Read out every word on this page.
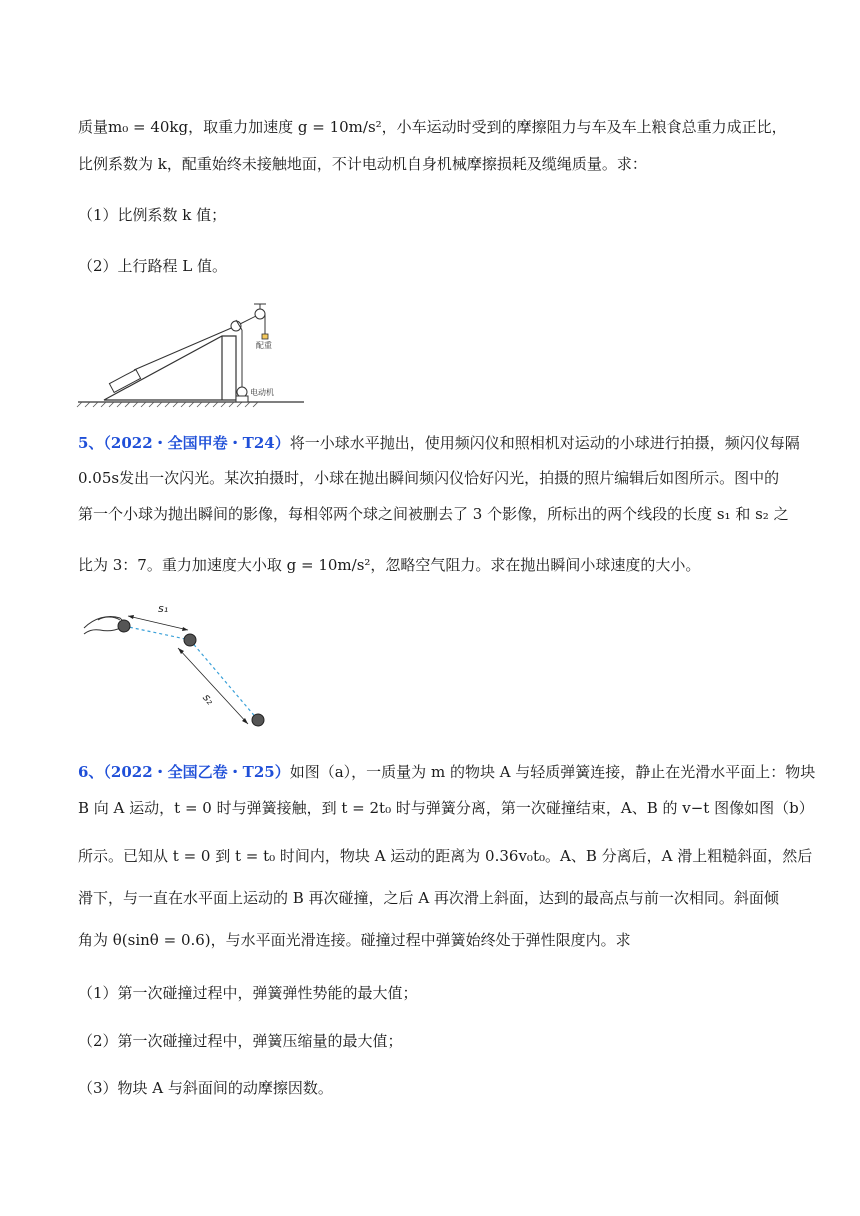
质量m₀ = 40kg，取重力加速度 g = 10m/s²，小车运动时受到的摩擦阻力与车及车上粮食总重力成正比，
比例系数为 k，配重始终未接触地面，不计电动机自身机械摩擦损耗及缆绳质量。求：
（1）比例系数 k 值；
（2）上行路程 L 值。
配重
电动机
5、（2022・全国甲卷・T24）将一小球水平抛出，使用频闪仪和照相机对运动的小球进行拍摄，频闪仪每隔
0.05s发出一次闪光。某次拍摄时，小球在抛出瞬间频闪仪恰好闪光，拍摄的照片编辑后如图所示。图中的
第一个小球为抛出瞬间的影像，每相邻两个球之间被删去了 3 个影像，所标出的两个线段的长度 s₁ 和 s₂ 之
比为 3：7。重力加速度大小取 g = 10m/s²，忽略空气阻力。求在抛出瞬间小球速度的大小。
s₁
s₂
6、（2022・全国乙卷・T25）如图（a），一质量为 m 的物块 A 与轻质弹簧连接，静止在光滑水平面上：物块
B 向 A 运动，t = 0 时与弹簧接触，到 t = 2t₀ 时与弹簧分离，第一次碰撞结束，A、B 的 v−t 图像如图（b）
所示。已知从 t = 0 到 t = t₀ 时间内，物块 A 运动的距离为 0.36v₀t₀。A、B 分离后，A 滑上粗糙斜面，然后
滑下，与一直在水平面上运动的 B 再次碰撞，之后 A 再次滑上斜面，达到的最高点与前一次相同。斜面倾
角为 θ(sinθ = 0.6)，与水平面光滑连接。碰撞过程中弹簧始终处于弹性限度内。求
（1）第一次碰撞过程中，弹簧弹性势能的最大值；
（2）第一次碰撞过程中，弹簧压缩量的最大值；
（3）物块 A 与斜面间的动摩擦因数。
